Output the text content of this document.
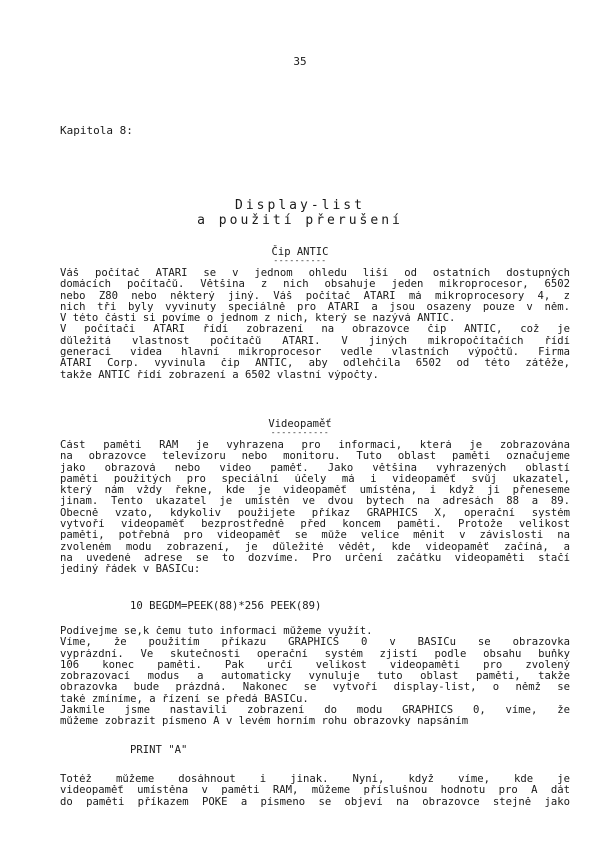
35
Kapitola 8:
Display-list
a použití přerušení
Čip ANTIC
----------
Váš počítač ATARI se v jednom ohledu liší od ostatních dostupných
domácích počítačů. Většina z nich obsahuje jeden mikroprocesor, 6502
nebo Z80 nebo některý jiný. Váš počítač ATARI má mikroprocesory 4, z
nich tři byly vyvinuty speciálně pro ATARI a jsou osazeny pouze v něm.
V této části si povíme o jednom z nich, který se nazývá ANTIC.
V počítači ATARI řídí zobrazení na obrazovce čip ANTIC, což je
důležitá vlastnost počítačů ATARI. V jiných mikropočítačích řídí
generaci videa hlavní mikroprocesor vedle vlastních výpočtů. Firma
ATARI Corp. vyvinula čip ANTIC, aby odlehčila 6502 od této zátěže,
takže ANTIC řídí zobrazení a 6502 vlastní výpočty.
Videopaměť
-----------
Část paměti RAM je vyhrazena pro informaci, která je zobrazována
na obrazovce televizoru nebo monitoru. Tuto oblast paměti označujeme
jako obrazová nebo video paměť. Jako většina vyhrazených oblastí
paměti použitých pro speciální účely má i videopaměť svůj ukazatel,
který nám vždy řekne, kde je videopaměť umístěna, i když ji přeneseme
jinam. Tento ukazatel je umístěn ve dvou bytech na adresách 88 a 89.
Obecně vzato, kdykoliv použijete příkaz GRAPHICS X, operační systém
vytvoří videopaměť bezprostředně před koncem paměti. Protože velikost
paměti, potřebná pro videopaměť se může velice měnit v závislosti na
zvoleném modu zobrazení, je důležité vědět, kde videopaměť začíná, a
na uvedené adrese se to dozvíme. Pro určení začátku videopaměti stačí
jediný řádek v BASICu:
10 BEGDM=PEEK(88)*256 PEEK(89)
Podívejme se,k čemu tuto informaci můžeme využít.
Víme, že použitím příkazu GRAPHICS 0 v BASICu se obrazovka
vyprázdní. Ve skutečnosti operační systém zjistí podle obsahu buňky
106 konec paměti. Pak určí velikost videopaměti pro zvolený
zobrazovací modus a automaticky vynuluje tuto oblast paměti, takže
obrazovka bude prázdná. Nakonec se vytvoří display-list, o němž se
také zmíníme, a řízení se předá BASICu.
Jakmile jsme nastavili zobrazení do modu GRAPHICS 0, víme, že
můžeme zobrazit písmeno A v levém horním rohu obrazovky napsáním
PRINT "A"
Totéž můžeme dosáhnout i jinak. Nyní, když víme, kde je
videopaměť umístěna v paměti RAM, můžeme příslušnou hodnotu pro A dát
do paměti příkazem POKE a písmeno se objeví na obrazovce stejně jako
